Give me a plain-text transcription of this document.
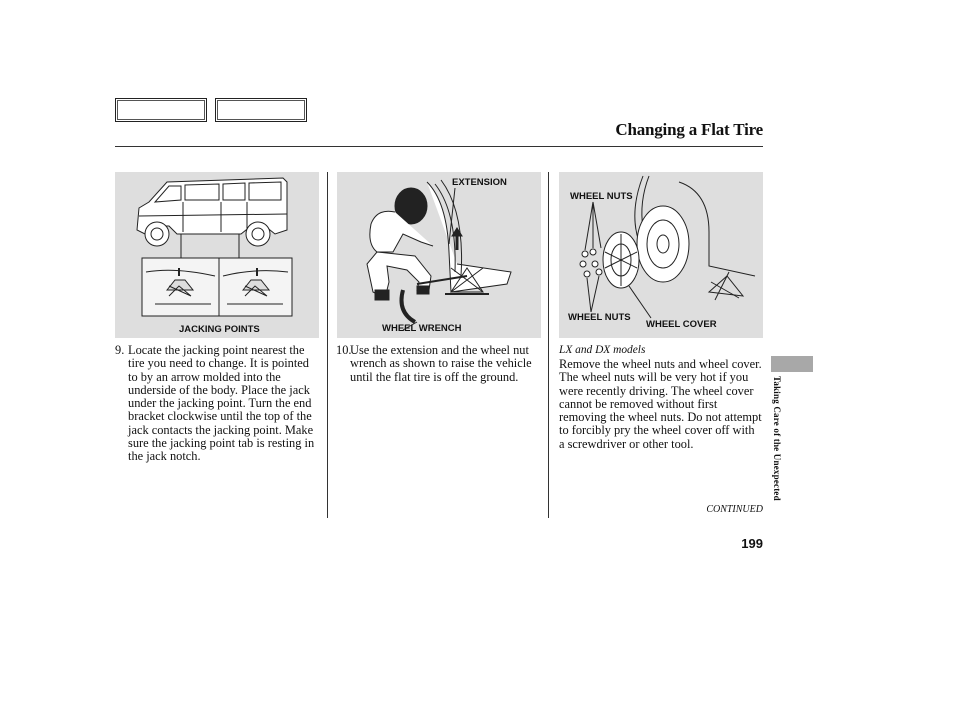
Changing a Flat Tire
JACKING POINTS
EXTENSION
WHEEL WRENCH
WHEEL NUTS
WHEEL NUTS
WHEEL COVER
9. Locate the jacking point nearest the tire you need to change. It is pointed to by an arrow molded into the underside of the body. Place the jack under the jacking point. Turn the end bracket clockwise until the top of the jack contacts the jacking point. Make sure the jacking point tab is resting in the jack notch.
10.
Use the extension and the wheel nut wrench as shown to raise the vehicle until the flat tire is off the ground.
LX and DX models
Remove the wheel nuts and wheel cover. The wheel nuts will be very hot if you were recently driving. The wheel cover cannot be removed without first removing the wheel nuts. Do not attempt to forcibly pry the wheel cover off with a screwdriver or other tool.
CONTINUED
199
Taking Care of the Unexpected
